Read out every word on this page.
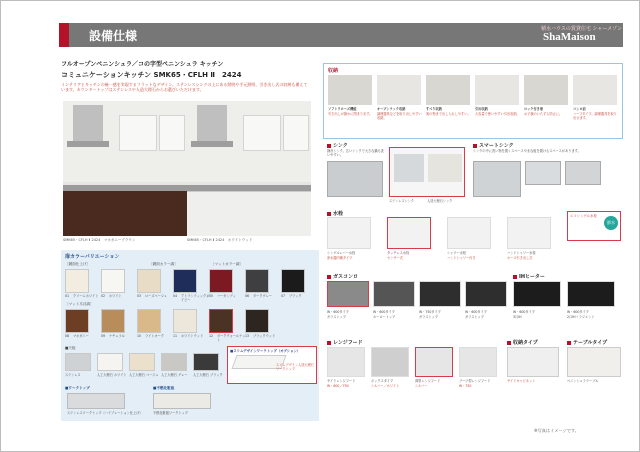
設備仕様	積水ハウスの賃貸住宅 シャーメゾン
ShaMaison
フルオープンペニンシュラ／コの字型ペニンシュラ キッチン
コミュニケーションキッチン SMK65・CFLH Ⅱ　2424
インテリアとキッチンの統一感を実現するフラットなデザイン。ステンレスシンクの上にある照明や手元照明、引き出し式の収納も備えています。カウンタートップはステンレスや人造大理石からお選びいただけます。
SMK65・CFLH Ⅱ 2424　マホガニーブラウン	SMK65・CFLH Ⅱ 2424　ホワイトウッド
扉カラーバリエーション
［鏡面仕上げ］	［鏡面カラー調］	［マットカラー調］
01	クリームホワイト 02	ホワイト	03	ローズベージュ	04	アトランティックネイビー
05	バーガンディ	06	ダークグレー	07	ブラック
［マット木目調］
08	マホガニー	09	ナチュラル	10	ライトオーク	11	ホワイトウッド	12	ダークウォールナット
13	ブラックウッド
■天板
ステンレス	人工大理石 ホワイト 人工大理石 ベージュ 人工大理石 グレー	人工大理石 ブラック
■スリムデザインワークトップ（オプション）
スリムデザイン人造大理石ワークトップ
■ワークトップ
ステンレスワークトップ（バイブレーション仕上げ）
■不燃化粧板
不燃化粧板ワークトップ
収納
ソフトクローズ機能
引き出しが静かに閉まります。
オープンラック収納
調理器具などを取り出しやすい収納。
すべり収納
奥の物まで出し入れしやすい。
引出収納
大容量で使いやすい引出収納。
ロック付き扉
お子様のいたずら防止に。
コンロ前
ハーフタイプ。調理器具を取り出せます。
シンク
静音シンク。広いシンクで大きな鍋も洗いやすい。
ステンレスシンク	人造大理石シンク
スマートシンク
シンクの中に洗い物を置くスペースやまな板を置けるスペースがあります。
水栓
シングルレバー水栓
浄水器内蔵タイプ
タッチレス水栓
センサー式
シャワー水栓
ハンドシャワー付き
ハンドシャワー水栓
ホース引き出し式
エコシングル水栓
節水
ガスコンロ
W・600タイプ
ガラストップ
W・600タイプ
ホーロートップ
W・750タイプ
ガラストップ
W・600タイプ
ガラストップ
IHヒーター
W・600タイプ
3口IH
W・600タイプ
2口IH＋ラジエント
レンジフード
サイドレンジフード
W・600／750
ボックスタイプ
シルバー／ホワイト
薄型レンジフード
シルバー
ブーツ型レンジフード
W・750
収納タイプ
サイドキャビネット
テーブルタイプ
ペニンシュラテーブル
※写真はイメージです。
